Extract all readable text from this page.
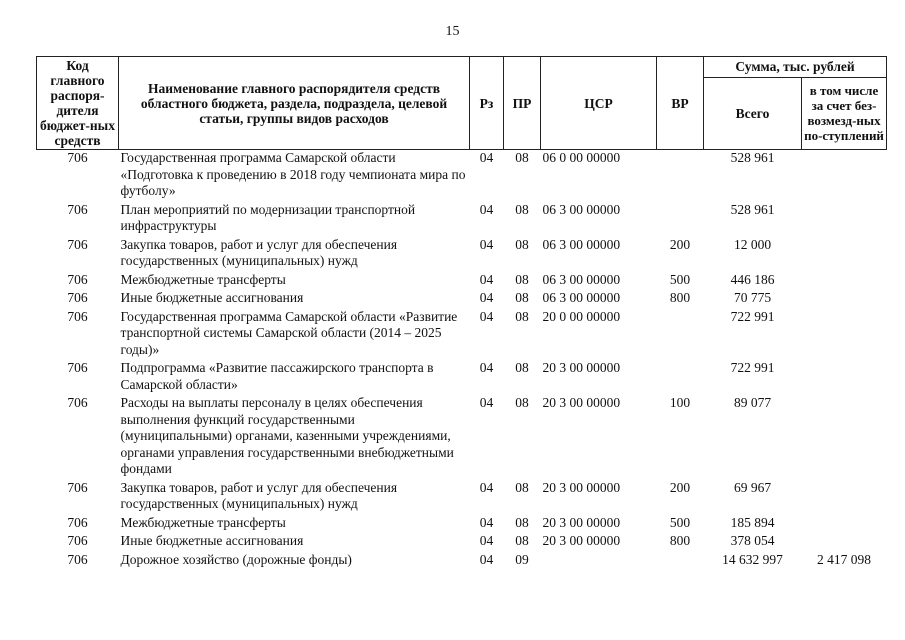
15
Код главного распоря-дителя бюджет-ных средств	Наименование главного распорядителя средств областного бюджета, раздела, подраздела, целевой статьи, группы видов расходов	Рз	ПР	ЦСР	ВР	Сумма, тыс. рублей	
						Всего	в том числе за счет без-возмезд-ных по-ступлений
706	Государственная программа Самарской области «Подготовка к проведению в 2018 году чемпионата мира по футболу»	04	08	06 0 00 00000		528 961	
706	План мероприятий по модернизации транспортной инфраструктуры	04	08	06 3 00 00000		528 961	
706	Закупка товаров, работ и услуг для обеспечения государственных (муниципальных) нужд	04	08	06 3 00 00000	200	12 000	
706	Межбюджетные трансферты	04	08	06 3 00 00000	500	446 186	
706	Иные бюджетные ассигнования	04	08	06 3 00 00000	800	70 775	
706	Государственная программа Самарской области «Развитие транспортной системы Самарской области (2014 – 2025 годы)»	04	08	20 0 00 00000		722 991	
706	Подпрограмма «Развитие пассажирского транспорта в Самарской области»	04	08	20 3 00 00000		722 991	
706	Расходы на выплаты персоналу в целях обеспечения выполнения функций государственными (муниципальными) органами, казенными учреждениями, органами управления государственными внебюджетными фондами	04	08	20 3 00 00000	100	89 077	
706	Закупка товаров, работ и услуг для обеспечения государственных (муниципальных) нужд	04	08	20 3 00 00000	200	69 967	
706	Межбюджетные трансферты	04	08	20 3 00 00000	500	185 894	
706	Иные бюджетные ассигнования	04	08	20 3 00 00000	800	378 054	
706	Дорожное хозяйство (дорожные фонды)	04	09			14 632 997	2 417 098
